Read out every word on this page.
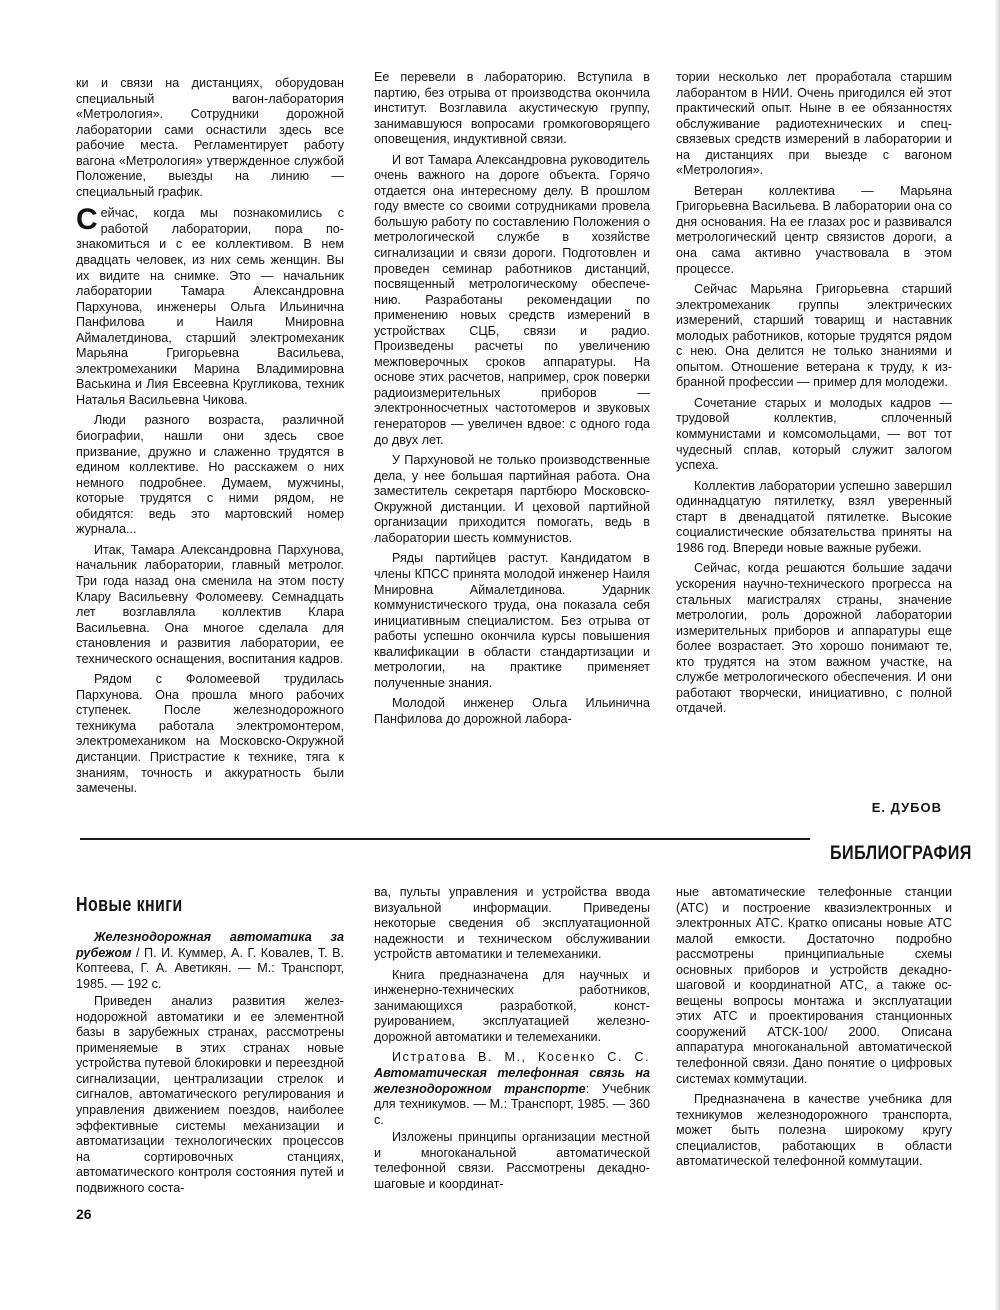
ки и связи на дистанциях, оборудован специальный вагон-лаборатория «Метрология». Сотрудники дорожной лаборатории сами оснастили здесь все рабочие места. Регламентирует работу вагона «Метрология» утвержденное службой Положение, выезды на линию — специальный график.

Сейчас, когда мы познакомились с работой лаборатории, пора познакомиться и с ее коллективом. В нем двадцать человек, из них семь женщин. Вы их видите на снимке. Это — начальник лаборатории Тамара Александровна Пархунова, инженеры Ольга Ильинична Панфилова и Наиля Мнировна Аймалетдинова, старший электромеханик Марьяна Григорьевна Васильева, электромеханики Марина Владимировна Васькина и Лия Евсеевна Кругликова, техник Наталья Васильевна Чикова.

Люди разного возраста, различной биографии, нашли они здесь свое призвание, дружно и слаженно трудятся в едином коллективе. Но расскажем о них немного подробнее. Думаем, мужчины, которые трудятся с ними рядом, не обидятся: ведь это мартовский номер журнала...

Итак, Тамара Александровна Пархунова, начальник лаборатории, главный метролог. Три года назад она сменила на этом посту Клару Васильевну Фоломееву. Семнадцать лет возглавляла коллектив Клара Васильевна. Она многое сделала для становления и развития лаборатории, ее технического оснащения, воспитания кадров.

Рядом с Фоломеевой трудилась Пархунова. Она прошла много рабочих ступенек. После железнодорожного техникума работала электромонтером, электромехаником на Московско-Окружной дистанции. Пристрастие к технике, тяга к знаниям, точность и аккуратность были замечены.

Ее перевели в лабораторию. Вступила в партию, без отрыва от производства окончила институт. Возглавила акустическую группу, занимавшуюся вопросами громкоговорящего оповещения, индуктивной связи.

И вот Тамара Александровна руководитель очень важного на дороге объекта. Горячо отдается она интересному делу. В прошлом году вместе со своими сотрудниками провела большую работу по составлению Положения о метрологической службе в хозяйстве сигнализации и связи дороги. Подготовлен и проведен семинар работников дистанций, посвященный метрологическому обеспечению. Разработаны рекомендации по применению новых средств измерений в устройствах СЦБ, связи и радио. Произведены расчеты по увеличению межповерочных сроков аппаратуры. На основе этих расчетов, например, срок поверки радиоизмерительных приборов — электронносчетных частотомеров и звуковых генераторов — увеличен вдвое: с одного года до двух лет.

У Пархуновой не только производственные дела, у нее большая партийная работа. Она заместитель секретаря партбюро Московско-Окружной дистанции. И цеховой партийной организации приходится помогать, ведь в лаборатории шесть коммунистов.

Ряды партийцев растут. Кандидатом в члены КПСС принята молодой инженер Наиля Мнировна Аймалетдинова. Ударник коммунистического труда, она показала себя инициативным специалистом. Без отрыва от работы успешно окончила курсы повышения квалификации в области стандартизации и метрологии, на практике применяет полученные знания.

Молодой инженер Ольга Ильинична Панфилова до дорожной лабора-

тории несколько лет проработала старшим лаборантом в НИИ. Очень пригодился ей этот практический опыт. Ныне в ее обязанностях обслуживание радиотехнических и спецсвязевых средств измерений в лаборатории и на дистанциях при выезде с вагоном «Метрология».

Ветеран коллектива — Марьяна Григорьевна Васильева. В лаборатории она со дня основания. На ее глазах рос и развивался метрологический центр связистов дороги, а она сама активно участвовала в этом процессе.

Сейчас Марьяна Григорьевна старший электромеханик группы электрических измерений, старший товарищ и наставник молодых работников, которые трудятся рядом с нею. Она делится не только знаниями и опытом. Отношение ветерана к труду, к избранной профессии — пример для молодежи.

Сочетание старых и молодых кадров — трудовой коллектив, сплоченный коммунистами и комсомольцами, — вот тот чудесный сплав, который служит залогом успеха.

Коллектив лаборатории успешно завершил одиннадцатую пятилетку, взял уверенный старт в двенадцатой пятилетке. Высокие социалистические обязательства приняты на 1986 год. Впереди новые важные рубежи.

Сейчас, когда решаются большие задачи ускорения научно-технического прогресса на стальных магистралях страны, значение метрологии, роль дорожной лаборатории измерительных приборов и аппаратуры еще более возрастает. Это хорошо понимают те, кто трудятся на этом важном участке, на службе метрологического обеспечения. И они работают творчески, инициативно, с полной отдачей.

Е. ДУБОВ
БИБЛИОГРАФИЯ
Новые книги

Железнодорожная автоматика за рубежом / П. И. Куммер, А. Г. Ковалев, Т. В. Коптеева, Г. А. Аветикян. — М.: Транспорт, 1985. — 192 с.

Приведен анализ развития железнодорожной автоматики и ее элементной базы в зарубежных странах, рассмотрены применяемые в этих странах новые устройства путевой блокировки и переездной сигнализации, централизации стрелок и сигналов, автоматического регулирования и управления движением поездов, наиболее эффективные системы механизации и автоматизации технологических процессов на сортировочных станциях, автоматического контроля состояния путей и подвижного соста-

ва, пульты управления и устройства ввода визуальной информации. Приведены некоторые сведения об эксплуатационной надежности и техническом обслуживании устройств автоматики и телемеханики.

Книга предназначена для научных и инженерно-технических работников, занимающихся разработкой, конструированием, эксплуатацией железнодорожной автоматики и телемеханики.

Истратова В. М., Косенко С. С. Автоматическая телефонная связь на железнодорожном транспорте: Учебник для техникумов. — М.: Транспорт, 1985. — 360 с.

Изложены принципы организации местной и многоканальной автоматической телефонной связи. Рассмотрены декадно-шаговые и координат-

ные автоматические телефонные станции (АТС) и построение квазиэлектронных и электронных АТС. Кратко описаны новые АТС малой емкости. Достаточно подробно рассмотрены принципиальные схемы основных приборов и устройств декадно-шаговой и координатной АТС, а также освещены вопросы монтажа и эксплуатации этих АТС и проектирования станционных сооружений АТСК-100/ 2000. Описана аппаратура многоканальной автоматической телефонной связи. Дано понятие о цифровых системах коммутации.

Предназначена в качестве учебника для техникумов железнодорожного транспорта, может быть полезна широкому кругу специалистов, работающих в области автоматической телефонной коммутации.

26
